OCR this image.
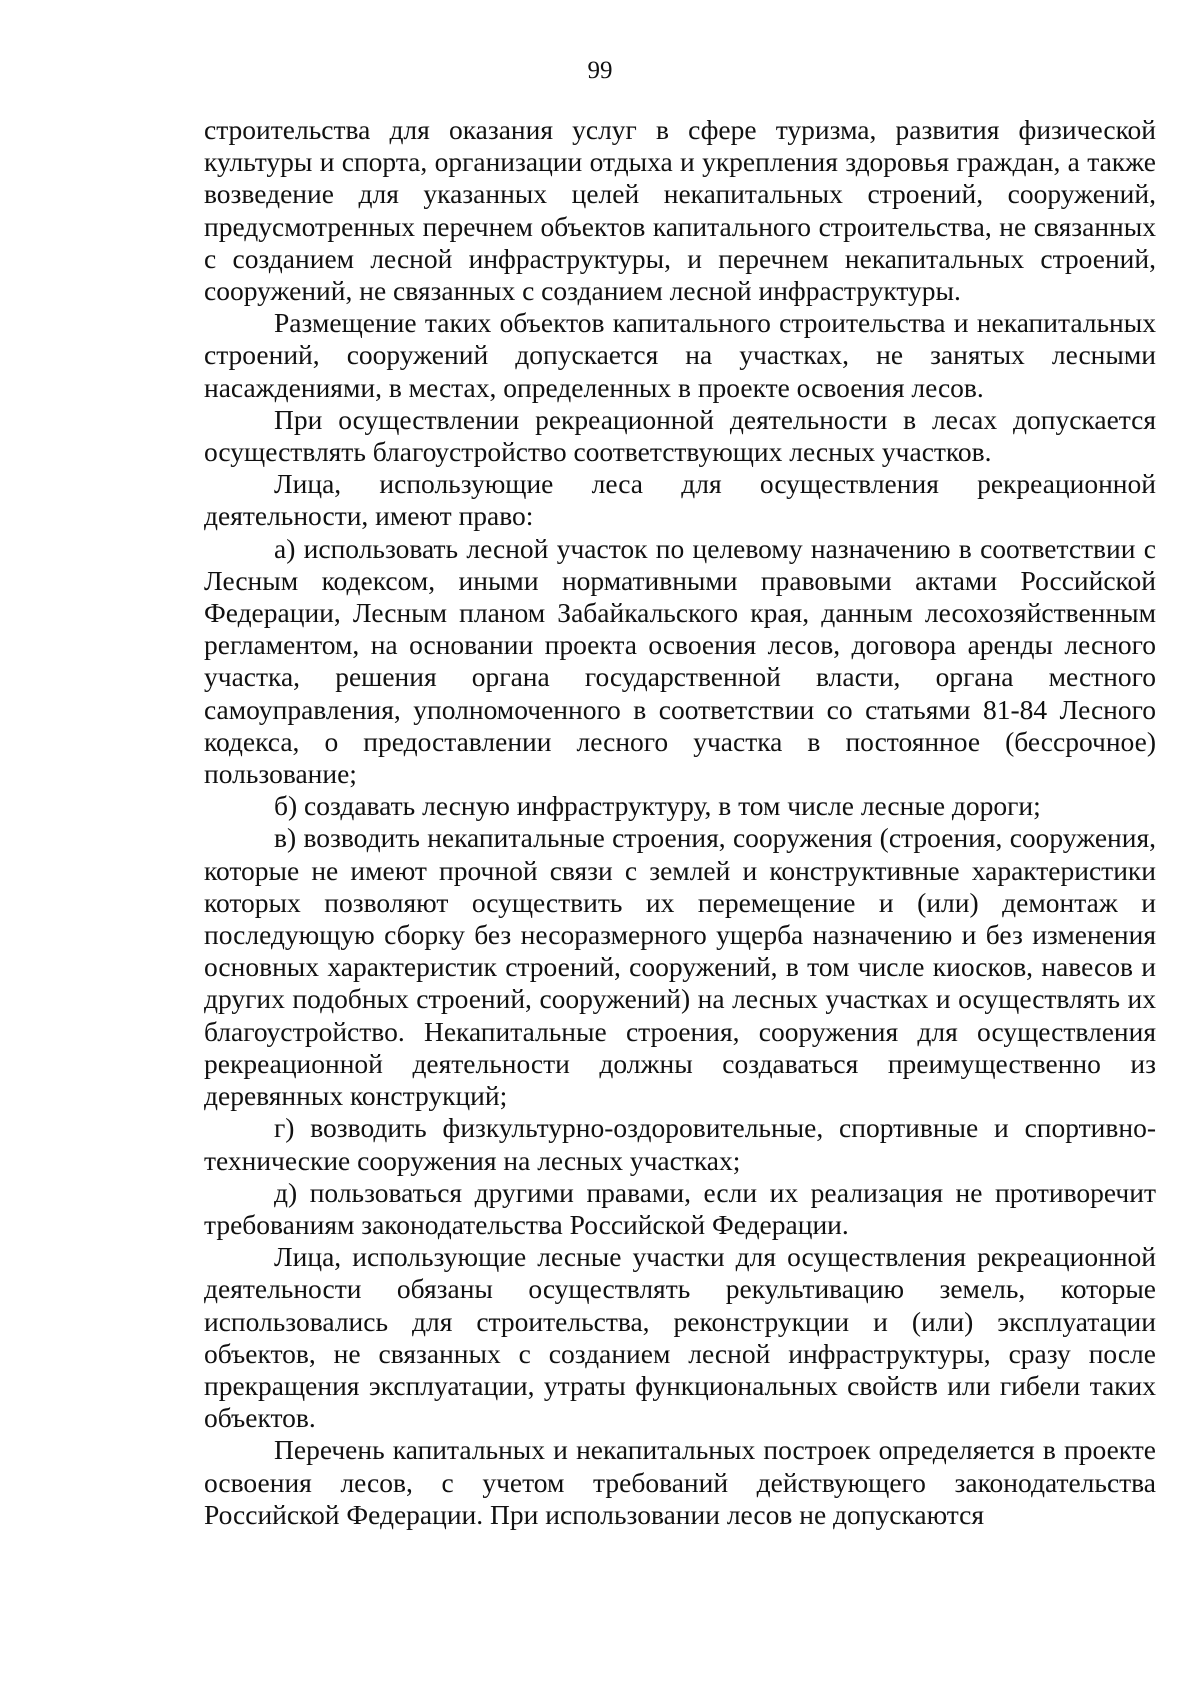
99

строительства для оказания услуг в сфере туризма, развития физической культуры и спорта, организации отдыха и укрепления здоровья граждан, а также возведение для указанных целей некапитальных строений, сооружений, предусмотренных перечнем объектов капитального строительства, не связанных с созданием лесной инфраструктуры, и перечнем некапитальных строений, сооружений, не связанных с созданием лесной инфраструктуры.

Размещение таких объектов капитального строительства и некапитальных строений, сооружений допускается на участках, не занятых лесными насаждениями, в местах, определенных в проекте освоения лесов.

При осуществлении рекреационной деятельности в лесах допускается осуществлять благоустройство соответствующих лесных участков.

Лица, использующие леса для осуществления рекреационной деятельности, имеют право:

а) использовать лесной участок по целевому назначению в соответствии с Лесным кодексом, иными нормативными правовыми актами Российской Федерации, Лесным планом Забайкальского края, данным лесохозяйственным регламентом, на основании проекта освоения лесов, договора аренды лесного участка, решения органа государственной власти, органа местного самоуправления, уполномоченного в соответствии со статьями 81-84 Лесного кодекса, о предоставлении лесного участка в постоянное (бессрочное) пользование;

б) создавать лесную инфраструктуру, в том числе лесные дороги;

в) возводить некапитальные строения, сооружения (строения, сооружения, которые не имеют прочной связи с землей и конструктивные характеристики которых позволяют осуществить их перемещение и (или) демонтаж и последующую сборку без несоразмерного ущерба назначению и без изменения основных характеристик строений, сооружений, в том числе киосков, навесов и других подобных строений, сооружений) на лесных участках и осуществлять их благоустройство. Некапитальные строения, сооружения для осуществления рекреационной деятельности должны создаваться преимущественно из деревянных конструкций;

г) возводить физкультурно-оздоровительные, спортивные и спортивно-технические сооружения на лесных участках;

д) пользоваться другими правами, если их реализация не противоречит требованиям законодательства Российской Федерации.

Лица, использующие лесные участки для осуществления рекреационной деятельности обязаны осуществлять рекультивацию земель, которые использовались для строительства, реконструкции и (или) эксплуатации объектов, не связанных с созданием лесной инфраструктуры, сразу после прекращения эксплуатации, утраты функциональных свойств или гибели таких объектов.

Перечень капитальных и некапитальных построек определяется в проекте освоения лесов, с учетом требований действующего законодательства Российской Федерации. При использовании лесов не допускаются
